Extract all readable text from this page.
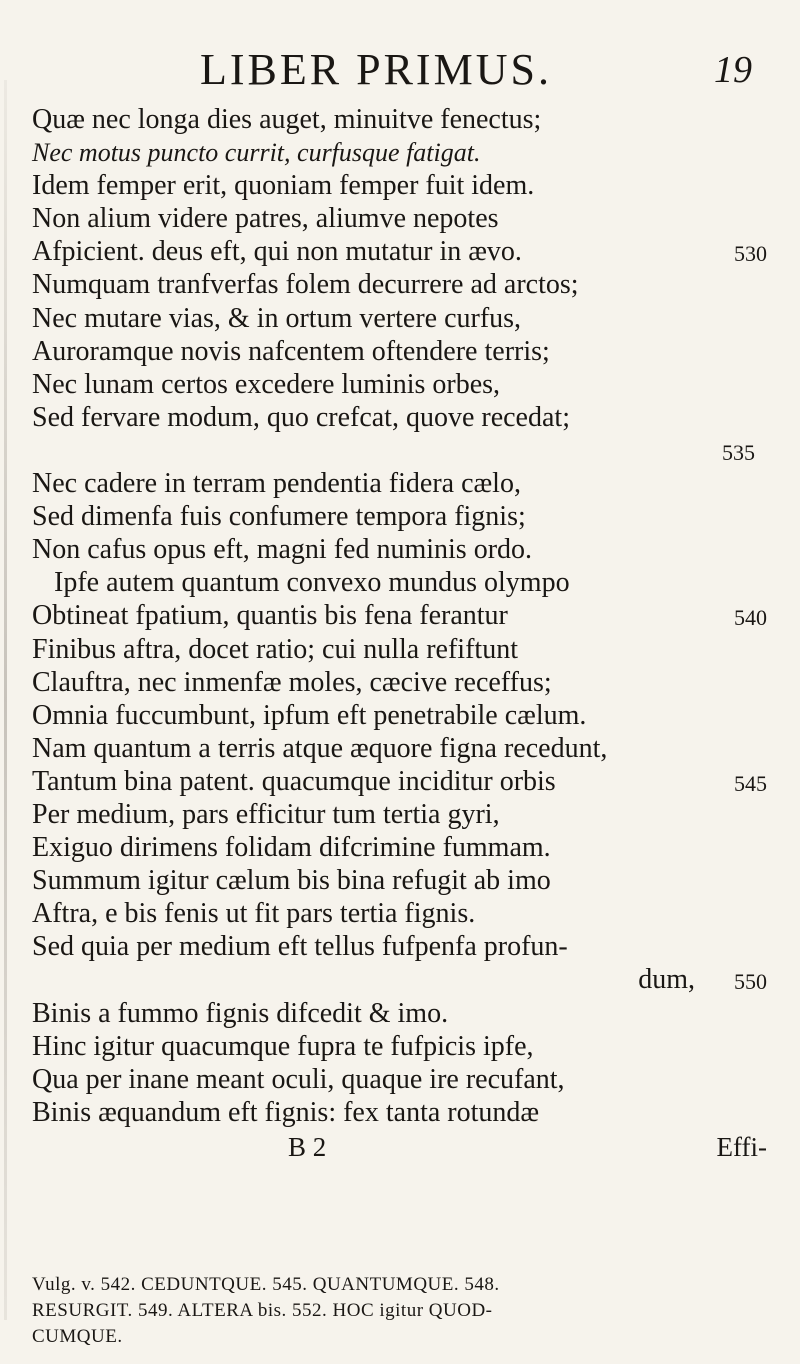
LIBER PRIMUS.	19
Quæ nec longa dies auget, minuitve fenectus;
Nec motus puncto currit, curfusque fatigat.
Idem femper erit, quoniam femper fuit idem.
Non alium videre patres, aliumve nepotes
Afpicient. deus eft, qui non mutatur in ævo.	530
Numquam tranfverfas folem decurrere ad arctos;
Nec mutare vias, & in ortum vertere curfus,
Auroramque novis nafcentem oftendere terris;
Nec lunam certos excedere luminis orbes,
Sed fervare modum, quo crefcat, quove recedat;
535
Nec cadere in terram pendentia fidera cælo,
Sed dimenfa fuis confumere tempora fignis;
Non cafus opus eft, magni fed numinis ordo.
Ipfe autem quantum convexo mundus olympo
Obtineat fpatium, quantis bis fena ferantur	540
Finibus aftra, docet ratio; cui nulla refiftunt
Clauftra, nec inmenfæ moles, cæcive receffus;
Omnia fuccumbunt, ipfum eft penetrabile cælum.
Nam quantum a terris atque æquore figna recedunt,
Tantum bina patent. quacumque inciditur orbis	545
Per medium, pars efficitur tum tertia gyri,
Exiguo dirimens folidam difcrimine fummam.
Summum igitur cælum bis bina refugit ab imo
Aftra, e bis fenis ut fit pars tertia fignis.
Sed quia per medium eft tellus fufpenfa profun-
dum, 550
Binis a fummo fignis difcedit & imo.
Hinc igitur quacumque fupra te fufpicis ipfe,
Qua per inane meant oculi, quaque ire recufant,
Binis æquandum eft fignis: fex tanta rotundæ
B 2	Effi-
Vulg. v. 542. CEDUNTQUE. 545. QUANTUMQUE. 548.
RESURGIT. 549. ALTERA bis. 552. HOC igitur QUOD-
CUMQUE.
